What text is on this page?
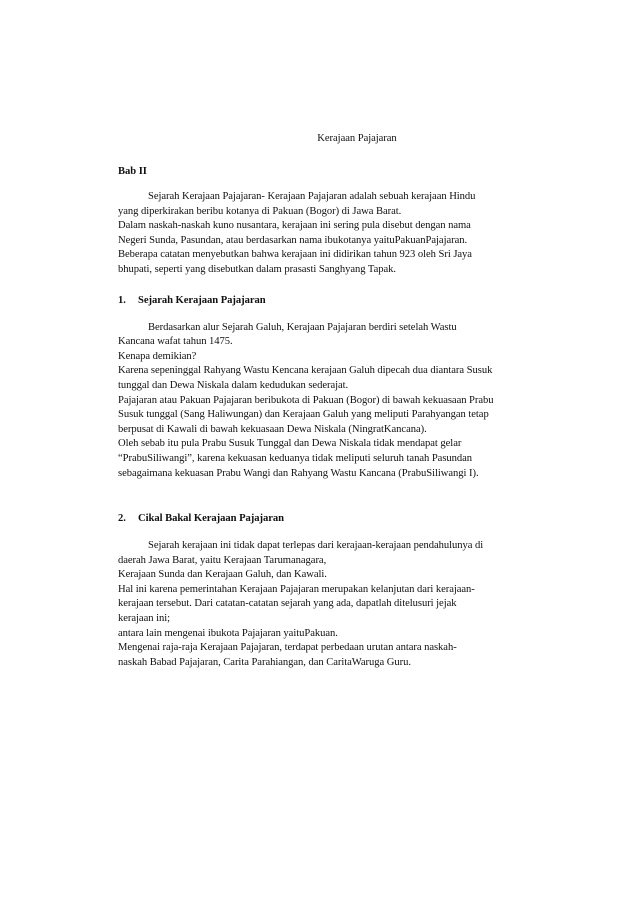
Kerajaan Pajajaran
Bab II
Sejarah Kerajaan Pajajaran- Kerajaan Pajajaran adalah sebuah kerajaan Hindu
yang diperkirakan beribu kotanya di Pakuan (Bogor) di Jawa Barat.
Dalam naskah-naskah kuno nusantara, kerajaan ini sering pula disebut dengan nama
Negeri Sunda, Pasundan, atau berdasarkan nama ibukotanya yaituPakuanPajajaran.
Beberapa catatan menyebutkan bahwa kerajaan ini didirikan tahun 923 oleh Sri Jaya
bhupati, seperti yang disebutkan dalam prasasti Sanghyang Tapak.
1. Sejarah Kerajaan Pajajaran
Berdasarkan alur Sejarah Galuh, Kerajaan Pajajaran berdiri setelah Wastu
Kancana wafat tahun 1475.
Kenapa demikian?
Karena sepeninggal Rahyang Wastu Kencana kerajaan Galuh dipecah dua diantara Susuk
tunggal dan Dewa Niskala dalam kedudukan sederajat.
Pajajaran atau Pakuan Pajajaran beribukota di Pakuan (Bogor) di bawah kekuasaan Prabu
Susuk tunggal (Sang Haliwungan) dan Kerajaan Galuh yang meliputi Parahyangan tetap
berpusat di Kawali di bawah kekuasaan Dewa Niskala (NingratKancana).
Oleh sebab itu pula Prabu Susuk Tunggal dan Dewa Niskala tidak mendapat gelar
“PrabuSiliwangi”, karena kekuasan keduanya tidak meliputi seluruh tanah Pasundan
sebagaimana kekuasan Prabu Wangi dan Rahyang Wastu Kancana (PrabuSiliwangi I).
2. Cikal Bakal Kerajaan Pajajaran
Sejarah kerajaan ini tidak dapat terlepas dari kerajaan-kerajaan pendahulunya di
daerah Jawa Barat, yaitu Kerajaan Tarumanagara,
Kerajaan Sunda dan Kerajaan Galuh, dan Kawali.
Hal ini karena pemerintahan Kerajaan Pajajaran merupakan kelanjutan dari kerajaan-
kerajaan tersebut. Dari catatan-catatan sejarah yang ada, dapatlah ditelusuri jejak
kerajaan ini;
antara lain mengenai ibukota Pajajaran yaituPakuan.
Mengenai raja-raja Kerajaan Pajajaran, terdapat perbedaan urutan antara naskah-
naskah Babad Pajajaran, Carita Parahiangan, dan CaritaWaruga Guru.
